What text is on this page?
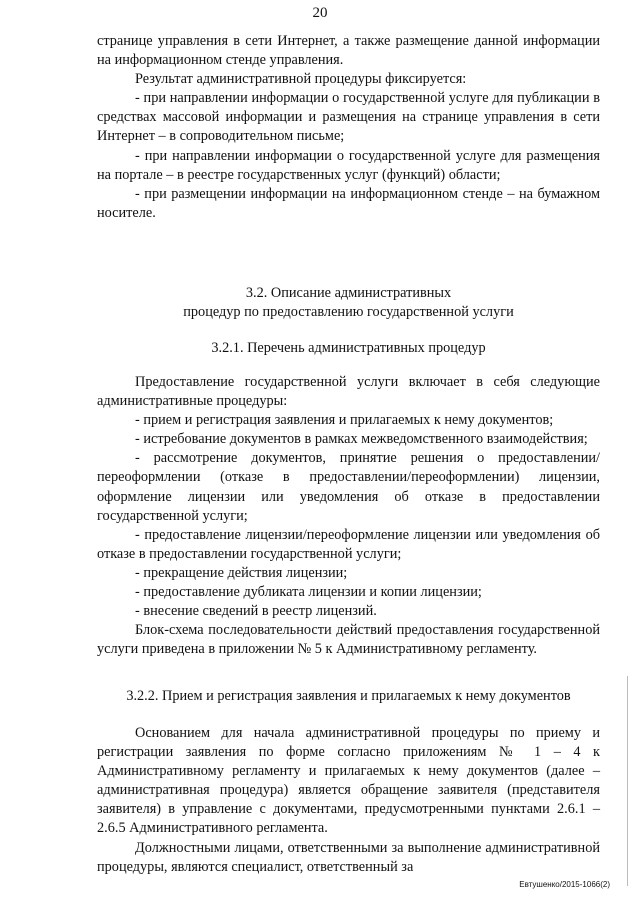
20

странице управления в сети Интернет, а также размещение данной информации на информационном стенде управления.

Результат административной процедуры фиксируется:

- при направлении информации о государственной услуге для публикации в средствах массовой информации и размещения на странице управления в сети Интернет – в сопроводительном письме;

- при направлении информации о государственной услуге для размещения на портале – в реестре государственных услуг (функций) области;

- при размещении информации на информационном стенде – на бумажном носителе.

3.2. Описание административных

процедур по предоставлению государственной услуги

3.2.1. Перечень административных процедур

Предоставление государственной услуги включает в себя следующие административные процедуры:

- прием и регистрация заявления и прилагаемых к нему документов;

- истребование документов в рамках межведомственного взаимодействия;

- рассмотрение документов, принятие решения о предоставлении/ переоформлении (отказе в предоставлении/переоформлении) лицензии, оформление лицензии или уведомления об отказе в предоставлении государственной услуги;

- предоставление лицензии/переоформление лицензии или уведомления об отказе в предоставлении государственной услуги;

- прекращение действия лицензии;

- предоставление дубликата лицензии и копии лицензии;

- внесение сведений в реестр лицензий.

Блок-схема последовательности действий предоставления государственной услуги приведена в приложении № 5 к Административному регламенту.

3.2.2. Прием и регистрация заявления и прилагаемых к нему документов

Основанием для начала административной процедуры по приему и регистрации заявления по форме согласно приложениям № 1 – 4 к Административному регламенту и прилагаемых к нему документов (далее – административная процедура) является обращение заявителя (представителя заявителя) в управление с документами, предусмотренными пунктами 2.6.1 – 2.6.5 Административного регламента.

Должностными лицами, ответственными за выполнение административной процедуры, являются специалист, ответственный за

Евтушенко/2015-1066(2)
